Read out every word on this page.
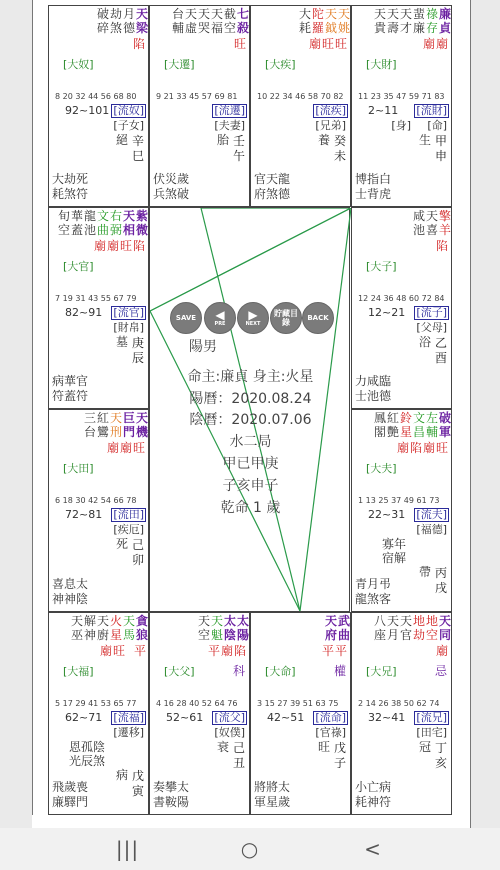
破
碎
劫
煞
月
德
天
梁
陷
[大奴]
8 20 32 44 56 68 80
92~101 [流奴]
[子女]
絕 辛
巳
大劫死
耗煞符
台
輔
天
虛
天
哭
天
福
截
空
七
殺
旺
[大遷]
9 21 33 45 57 69 81
[流遷]
[夫妻]
胎 壬
午
伏災歲
兵煞破
大
耗
陀
羅
天
鉞
天
姚
廟旺旺
[大疾]
10 22 34 46 58 70 82
[流疾]
[兄弟]
養 癸
未
官天龍
府煞德
天
貴
天
壽
天
才
蜚
廉
祿
存
廉
貞
廟廟
[大財]
11 23 35 47 59 71 83
2~11 [流財]
[身] [命]
生 甲
申
博指白
士背虎
旬
空
華
蓋
龍
池
文
曲
右
弼
天
相
紫
微
廟廟旺陷
[大官]
7 19 31 43 55 67 79
82~91 [流官]
[財帛]
墓 庚
辰
病華官
符蓋符
咸
池
天
喜
擎
羊
陷
[大子]
12 24 36 48 60 72 84
12~21 [流子]
[父母]
浴 乙
酉
力咸臨
士池德
三
台
紅
鸞
天
刑
巨
門
天
機
廟廟旺
[大田]
6 18 30 42 54 66 78
72~81 [流田]
[疾厄]
死 己
卯
喜息太
神神陰
鳳
閣
紅
艷
鈴
星
文
昌
左
輔
破
軍
廟陷廟旺
[大夫]
1 13 25 37 49 61 73
22~31 [流夫]
[福德]
寡年
宿解
帶 丙
戌
青月弔
龍煞客
天
巫
解
神
天
廚
火
星
天
馬
貪
狼
廟旺 平
[大福]
5 17 29 41 53 65 77
62~71 [流福]
[遷移]
恩孤陰
光辰煞
病 戊
寅
飛歲喪
廉驛門
天
空
天
魁
太
陰
太
陽
平廟陷
科
[大父]
4 16 28 40 52 64 76
52~61 [流父]
[奴僕]
衰 己
丑
奏攀太
書鞍陽
天
府
武
曲
平平
權
[大命]
3 15 27 39 51 63 75
42~51 [流命]
[官祿]
旺 戊
子
將將太
軍星歲
八
座
天
月
天
官
地
劫
地
空
天
同
廟
忌
[大兄]
2 14 26 38 50 62 74
32~41 [流兄]
[田宅]
冠 丁
亥
小亡病
耗神符
SAVE	◀
PRE
▶
NEXT
貯藏目錄	BACK
陽男
命主:廉貞 身主:火星
陽曆：2020.08.24
陰曆：2020.07.06
水二局
甲已甲庚
子亥申子
乾命 1 歲
|||	○	<
